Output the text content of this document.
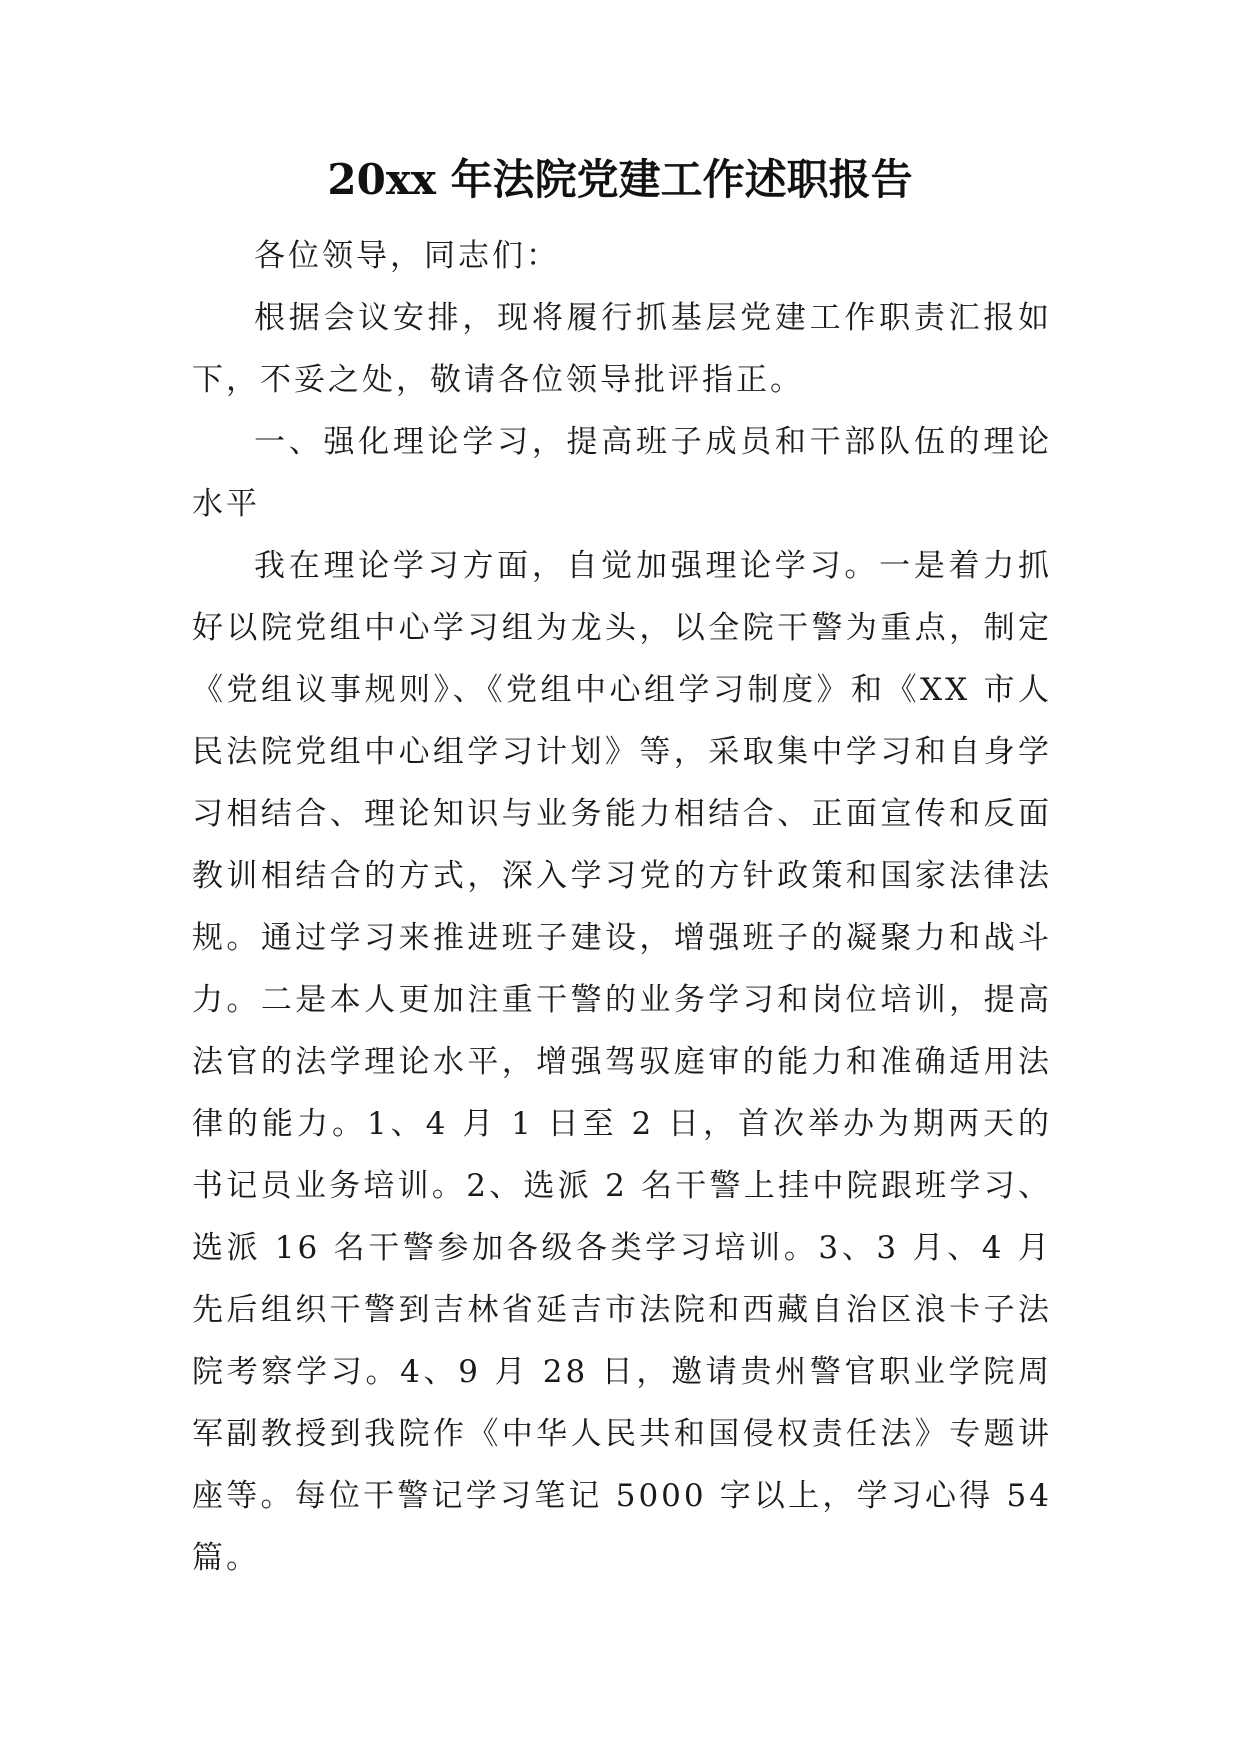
20xx 年法院党建工作述职报告

各位领导，同志们：

根据会议安排，现将履行抓基层党建工作职责汇报如下，不妥之处，敬请各位领导批评指正。

一、强化理论学习，提高班子成员和干部队伍的理论水平

我在理论学习方面，自觉加强理论学习。一是着力抓好以院党组中心学习组为龙头，以全院干警为重点，制定《党组议事规则》、《党组中心组学习制度》和《XX 市人民法院党组中心组学习计划》等，采取集中学习和自身学习相结合、理论知识与业务能力相结合、正面宣传和反面教训相结合的方式，深入学习党的方针政策和国家法律法规。通过学习来推进班子建设，增强班子的凝聚力和战斗力。二是本人更加注重干警的业务学习和岗位培训，提高法官的法学理论水平，增强驾驭庭审的能力和准确适用法律的能力。1、4 月 1 日至 2 日，首次举办为期两天的书记员业务培训。2、选派 2 名干警上挂中院跟班学习、选派 16 名干警参加各级各类学习培训。3、3 月、4 月先后组织干警到吉林省延吉市法院和西藏自治区浪卡子法院考察学习。4、9 月 28 日，邀请贵州警官职业学院周军副教授到我院作《中华人民共和国侵权责任法》专题讲座等。每位干警记学习笔记 5000 字以上，学习心得 54 篇。
